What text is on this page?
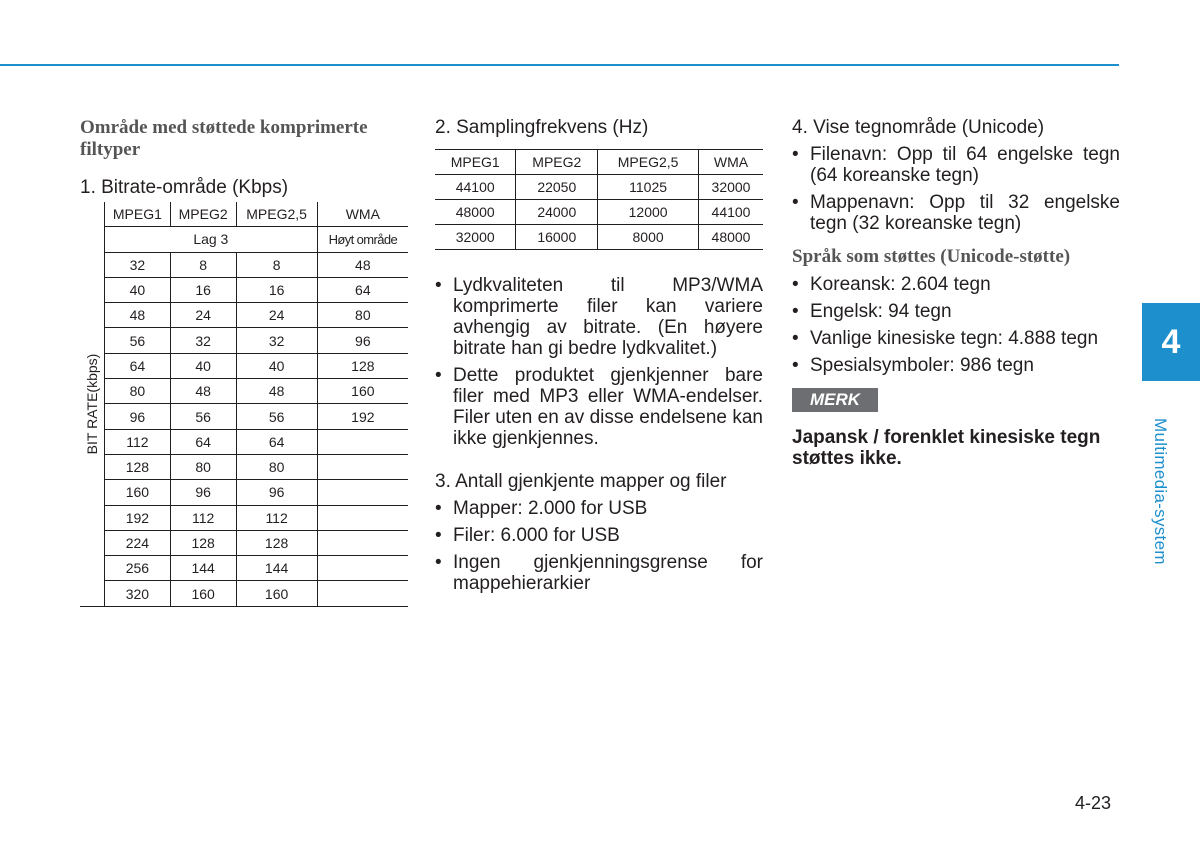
Område med støttede komprimerte filtyper
1. Bitrate-område (Kbps)
BIT RATE(kbps)	MPEG1	MPEG2	MPEG2,5	WMA
	Lag 3			Høyt område
	32	8	8	48
	40	16	16	64
	48	24	24	80
	56	32	32	96
	64	40	40	128
	80	48	48	160
	96	56	56	192
	112	64	64	
	128	80	80	
	160	96	96	
	192	112	112	
	224	128	128	
	256	144	144	
	320	160	160	
2. Samplingfrekvens (Hz)
MPEG1	MPEG2	MPEG2,5	WMA
44100	22050	11025	32000
48000	24000	12000	44100
32000	16000	8000	48000
• Lydkvaliteten til MP3/WMA komprimerte filer kan variere avhengig av bitrate. (En høyere bitrate han gi bedre lydkvalitet.)
• Dette produktet gjenkjenner bare filer med MP3 eller WMA-endelser. Filer uten en av disse endelsene kan ikke gjenkjennes.
3. Antall gjenkjente mapper og filer
• Mapper: 2.000 for USB
• Filer: 6.000 for USB
• Ingen gjenkjenningsgrense for mappehierarkier
4. Vise tegnområde (Unicode)
• Filenavn: Opp til 64 engelske tegn (64 koreanske tegn)
• Mappenavn: Opp til 32 engelske tegn (32 koreanske tegn)
Språk som støttes (Unicode-støtte)
• Koreansk: 2.604 tegn
• Engelsk: 94 tegn
• Vanlige kinesiske tegn: 4.888 tegn
• Spesialsymboler: 986 tegn
MERK
Japansk / forenklet kinesiske tegn støttes ikke.
4
Multimedia-system
4-23
